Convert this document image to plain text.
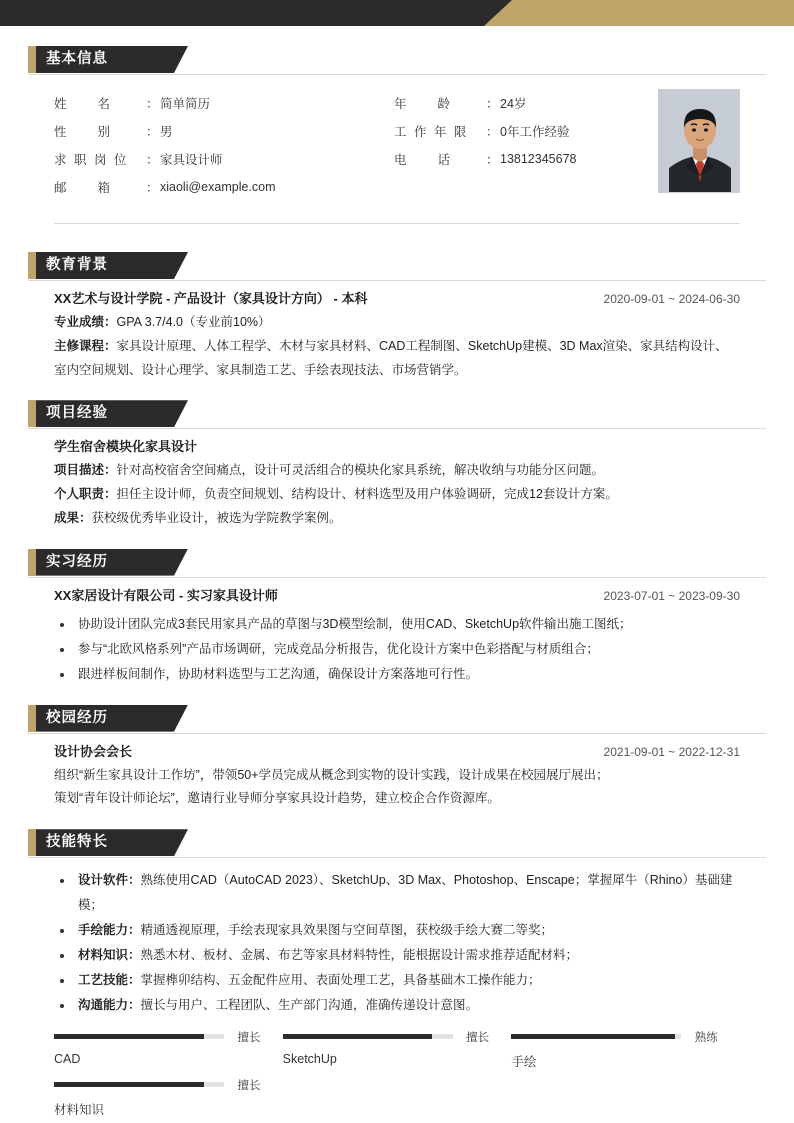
基本信息
姓　　名	： 简单简历
性　　别	： 男
求 职 岗 位	： 家具设计师
邮　　箱	： xiaoli@example.com
年　　龄	： 24岁
工 作 年 限	： 0年工作经验
电　　话	： 13812345678
教育背景
XX艺术与设计学院 - 产品设计（家具设计方向） - 本科	2020-09-01 ~ 2024-06-30
专业成绩：GPA 3.7/4.0（专业前10%）
主修课程：家具设计原理、人体工程学、木材与家具材料、CAD工程制图、SketchUp建模、3D Max渲染、家具结构设计、室内空间规划、设计心理学、家具制造工艺、手绘表现技法、市场营销学。
项目经验
学生宿舍模块化家具设计
项目描述：针对高校宿舍空间痛点，设计可灵活组合的模块化家具系统，解决收纳与功能分区问题。
个人职责：担任主设计师，负责空间规划、结构设计、材料选型及用户体验调研，完成12套设计方案。
成果：获校级优秀毕业设计，被选为学院教学案例。
实习经历
XX家居设计有限公司 - 实习家具设计师	2023-07-01 ~ 2023-09-30
• 协助设计团队完成3套民用家具产品的草图与3D模型绘制，使用CAD、SketchUp软件输出施工图纸；
• 参与“北欧风格系列”产品市场调研，完成竞品分析报告，优化设计方案中色彩搭配与材质组合；
• 跟进样板间制作，协助材料选型与工艺沟通，确保设计方案落地可行性。
校园经历
设计协会会长	2021-09-01 ~ 2022-12-31
组织“新生家具设计工作坊”，带领50+学员完成从概念到实物的设计实践，设计成果在校园展厅展出；
策划“青年设计师论坛”，邀请行业导师分享家具设计趋势，建立校企合作资源库。
技能特长
• 设计软件：熟练使用CAD（AutoCAD 2023）、SketchUp、3D Max、Photoshop、Enscape；掌握犀牛（Rhino）基础建模；
• 手绘能力：精通透视原理，手绘表现家具效果图与空间草图，获校级手绘大赛二等奖；
• 材料知识：熟悉木材、板材、金属、布艺等家具材料特性，能根据设计需求推荐适配材料；
• 工艺技能：掌握榫卯结构、五金配件应用、表面处理工艺，具备基础木工操作能力；
• 沟通能力：擅长与用户、工程团队、生产部门沟通，准确传递设计意图。
擅长
CAD
擅长
SketchUp
熟练
手绘
擅长
材料知识
